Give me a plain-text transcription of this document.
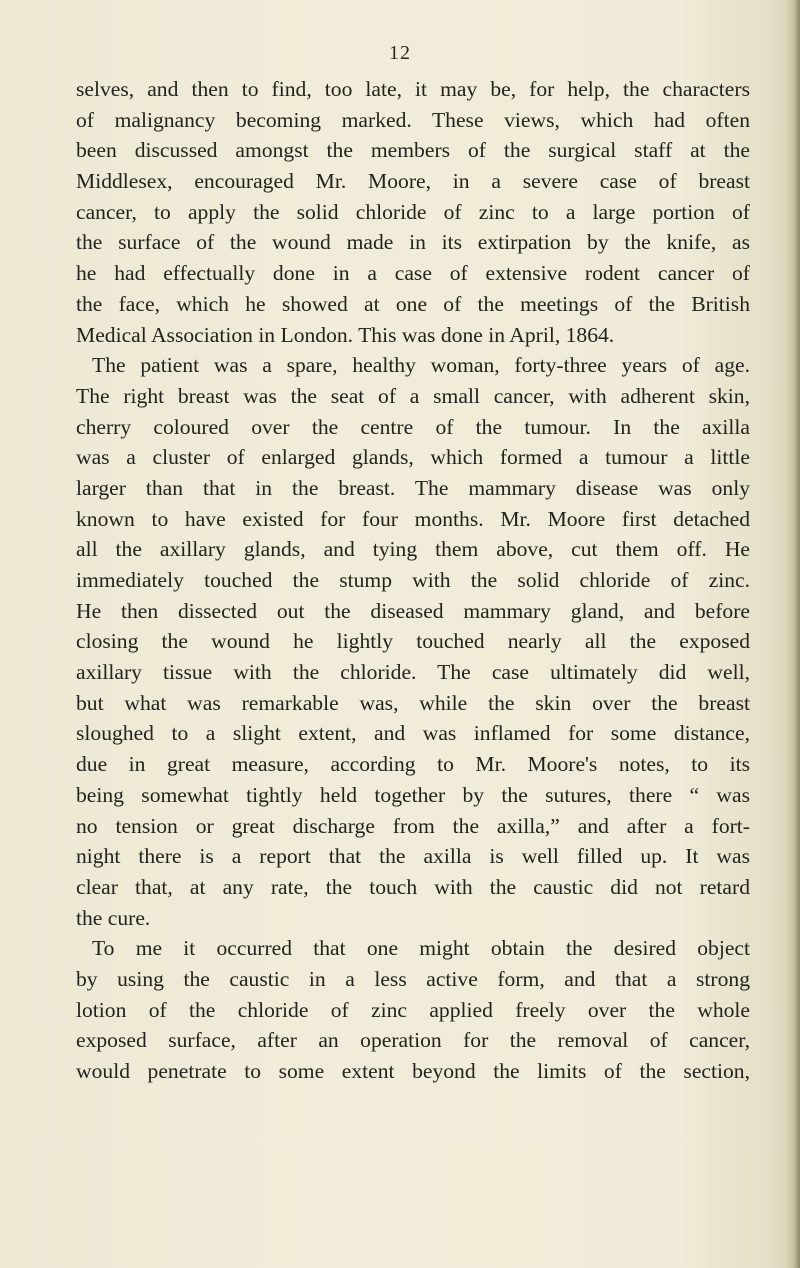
12
selves, and then to find, too late, it may be, for help, the characters
of malignancy becoming marked. These views, which had often
been discussed amongst the members of the surgical staff at the
Middlesex, encouraged Mr. Moore, in a severe case of breast
cancer, to apply the solid chloride of zinc to a large portion of
the surface of the wound made in its extirpation by the knife, as
he had effectually done in a case of extensive rodent cancer of
the face, which he showed at one of the meetings of the British
Medical Association in London. This was done in April, 1864.
The patient was a spare, healthy woman, forty-three years of age.
The right breast was the seat of a small cancer, with adherent skin,
cherry coloured over the centre of the tumour. In the axilla
was a cluster of enlarged glands, which formed a tumour a little
larger than that in the breast. The mammary disease was only
known to have existed for four months. Mr. Moore first detached
all the axillary glands, and tying them above, cut them off. He
immediately touched the stump with the solid chloride of zinc.
He then dissected out the diseased mammary gland, and before
closing the wound he lightly touched nearly all the exposed
axillary tissue with the chloride. The case ultimately did well,
but what was remarkable was, while the skin over the breast
sloughed to a slight extent, and was inflamed for some distance,
due in great measure, according to Mr. Moore's notes, to its
being somewhat tightly held together by the sutures, there “ was
no tension or great discharge from the axilla,” and after a fort-
night there is a report that the axilla is well filled up. It was
clear that, at any rate, the touch with the caustic did not retard
the cure.
To me it occurred that one might obtain the desired object
by using the caustic in a less active form, and that a strong
lotion of the chloride of zinc applied freely over the whole
exposed surface, after an operation for the removal of cancer,
would penetrate to some extent beyond the limits of the section,
